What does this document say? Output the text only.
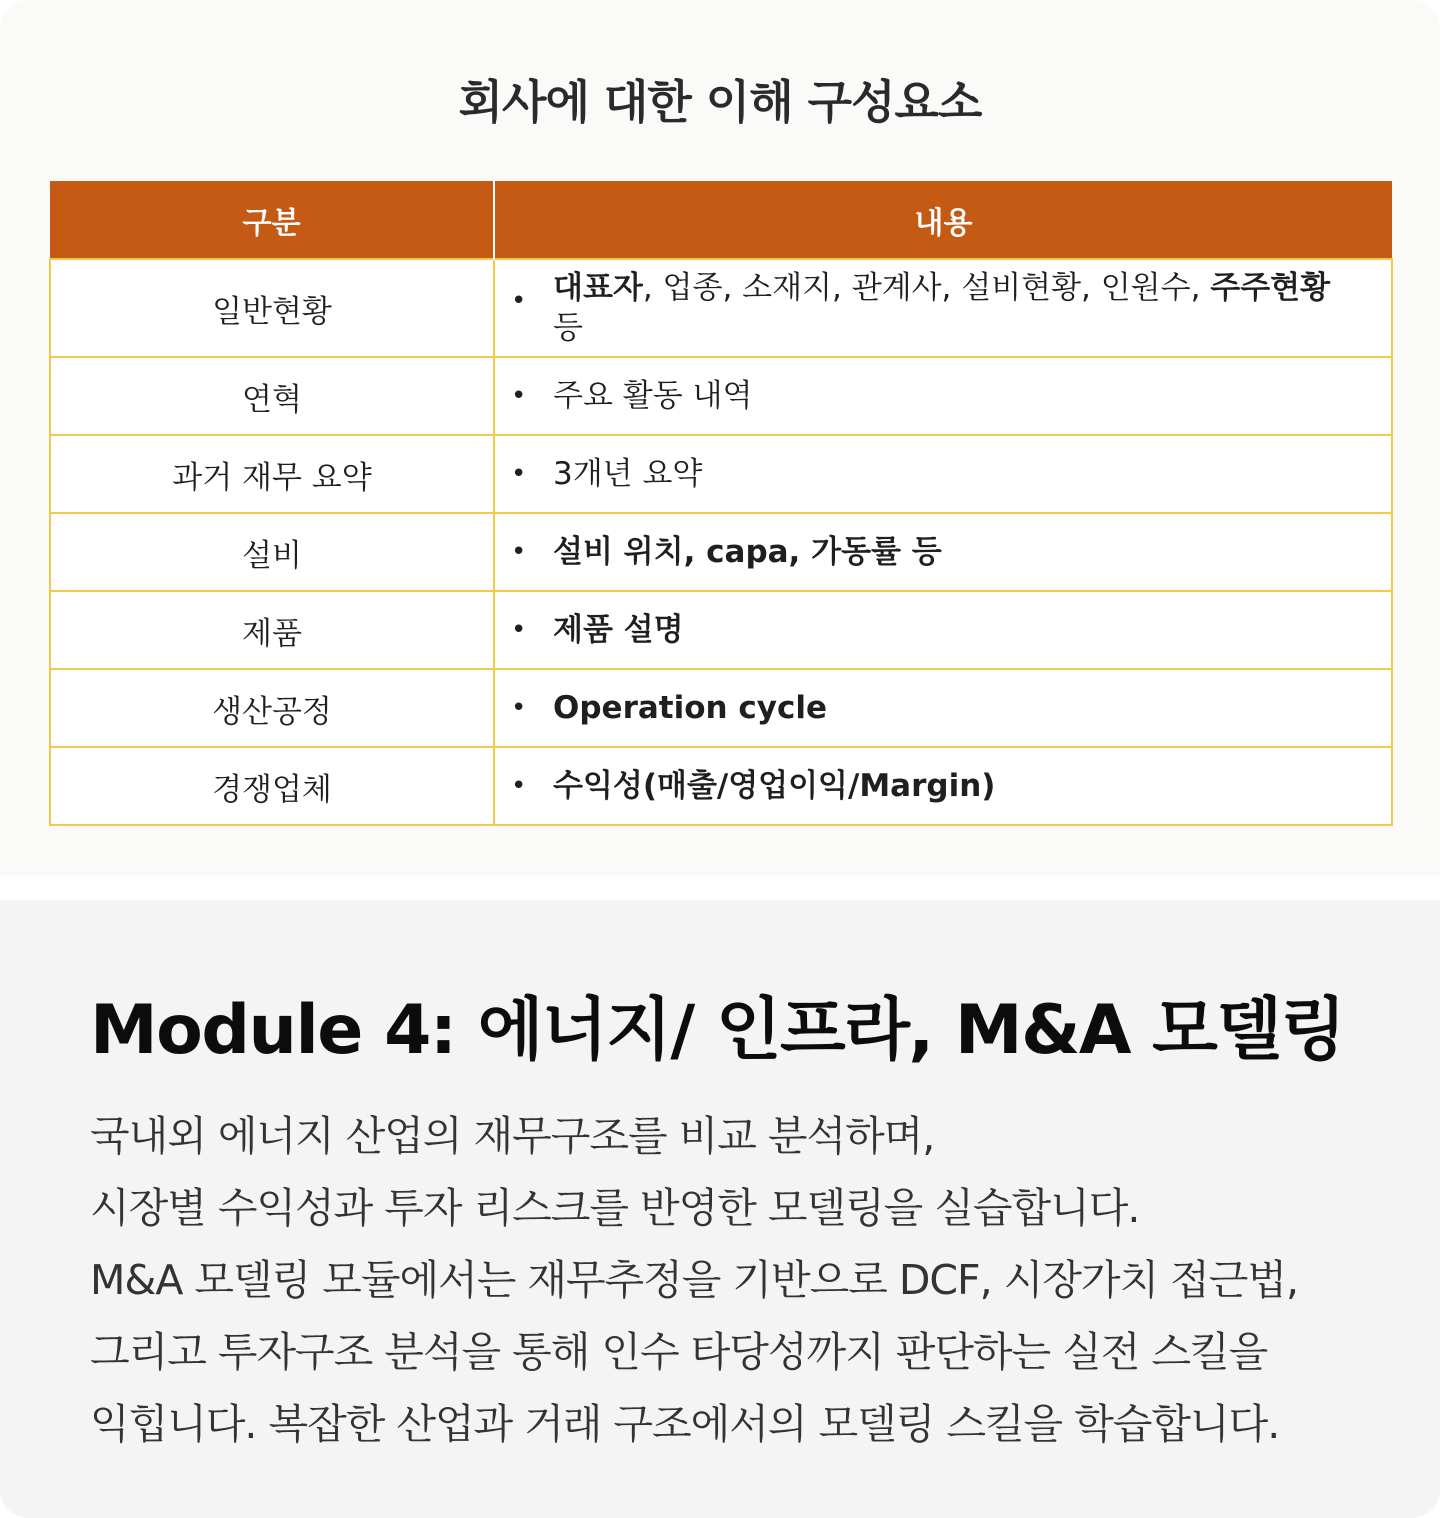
회사에 대한 이해 구성요소
구분	내용
일반현황	• 대표자, 업종, 소재지, 관계사, 설비현황, 인원수, 주주현황 등

연혁	• 주요 활동 내역

과거 재무 요약	• 3개년 요약

설비	• 설비 위치, capa, 가동률 등

제품	• 제품 설명

생산공정	• Operation cycle

경쟁업체	• 수익성(매출/영업이익/Margin)
Module 4: 에너지/ 인프라, M&A 모델링
국내외 에너지 산업의 재무구조를 비교 분석하며,
시장별 수익성과 투자 리스크를 반영한 모델링을 실습합니다.
M&A 모델링 모듈에서는 재무추정을 기반으로 DCF, 시장가치 접근법,
그리고 투자구조 분석을 통해 인수 타당성까지 판단하는 실전 스킬을
익힙니다. 복잡한 산업과 거래 구조에서의 모델링 스킬을 학습합니다.
